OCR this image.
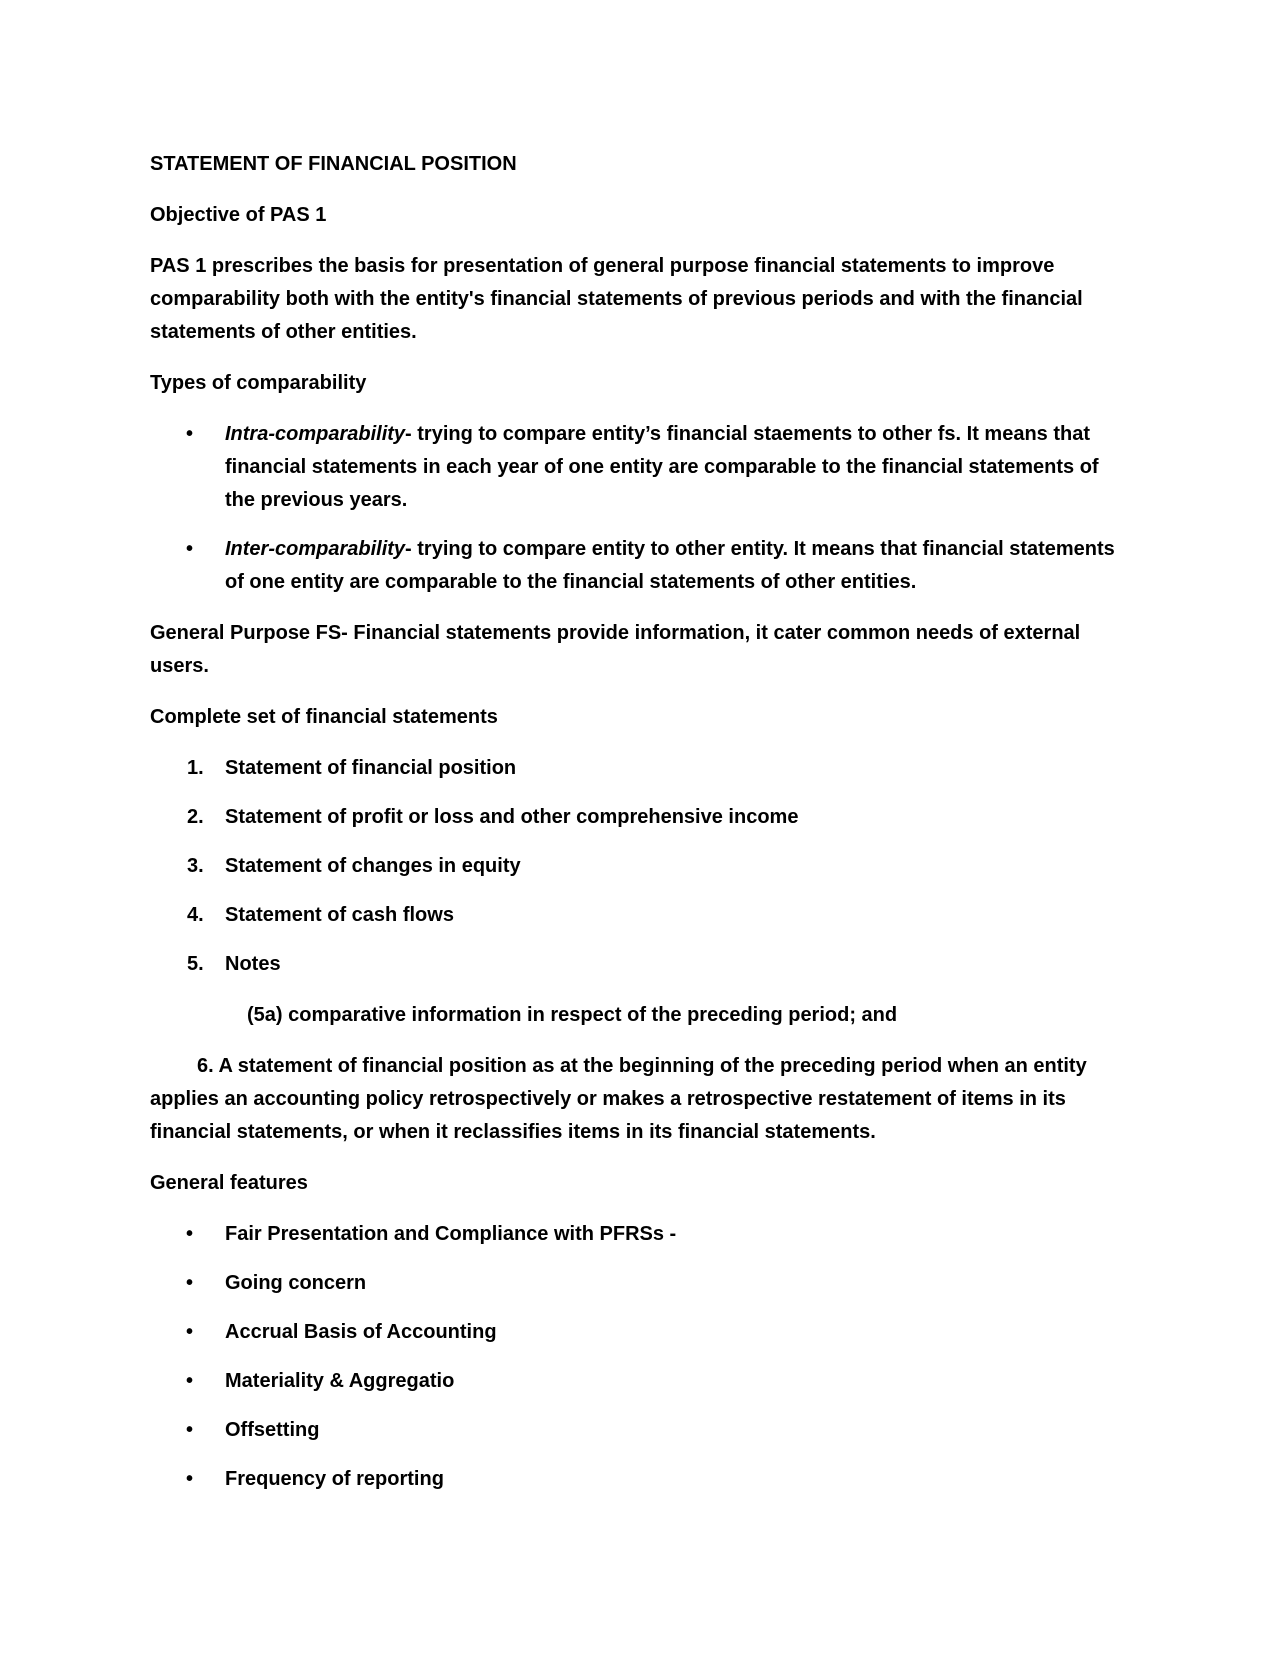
STATEMENT OF FINANCIAL POSITION

Objective of PAS 1

PAS 1 prescribes the basis for presentation of general purpose financial statements to improve comparability both with the entity's financial statements of previous periods and with the financial statements of other entities.

Types of comparability

• Intra-comparability- trying to compare entity’s financial staements to other fs. It means that financial statements in each year of one entity are comparable to the financial statements of the previous years.
• Inter-comparability- trying to compare entity to other entity. It means that financial statements of one entity are comparable to the financial statements of other entities.

General Purpose FS- Financial statements provide information, it cater common needs of external users.

Complete set of financial statements

1. Statement of financial position
2. Statement of profit or loss and other comprehensive income
3. Statement of changes in equity
4. Statement of cash flows
5. Notes

(5a) comparative information in respect of the preceding period; and

6. A statement of financial position as at the beginning of the preceding period when an entity applies an accounting policy retrospectively or makes a retrospective restatement of items in its financial statements, or when it reclassifies items in its financial statements.

General features

• Fair Presentation and Compliance with PFRSs -
• Going concern
• Accrual Basis of Accounting
• Materiality & Aggregatio
• Offsetting
• Frequency of reporting
